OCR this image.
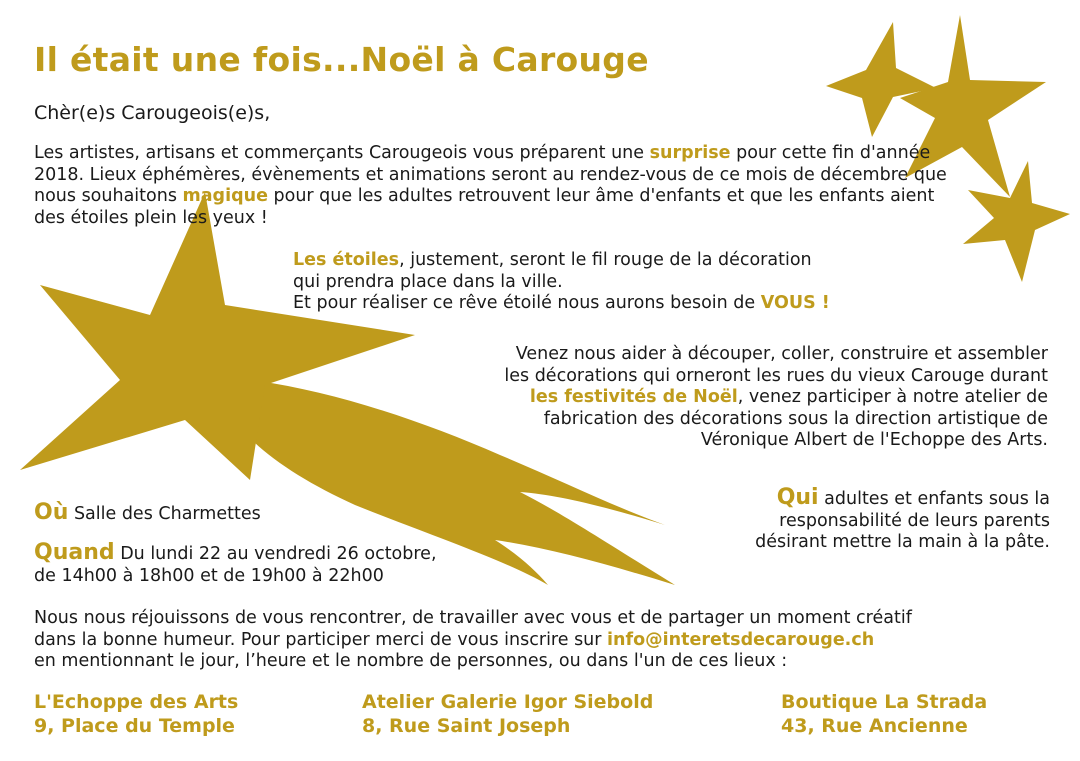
Il était une fois...Noël à Carouge
Chèr(e)s Carougeois(e)s,
Les artistes, artisans et commerçants Carougeois vous préparent une surprise pour cette fin d'année 2018. Lieux éphémères, évènements et animations seront au rendez-vous de ce mois de décembre que nous souhaitons magique pour que les adultes retrouvent leur âme d'enfants et que les enfants aient des étoiles plein les yeux !
Les étoiles, justement, seront le fil rouge de la décoration
qui prendra place dans la ville.
Et pour réaliser ce rêve étoilé nous aurons besoin de VOUS !
Venez nous aider à découper, coller, construire et assembler
les décorations qui orneront les rues du vieux Carouge durant
les festivités de Noël, venez participer à notre atelier de
fabrication des décorations sous la direction artistique de
Véronique Albert de l'Echoppe des Arts.
Qui adultes et enfants sous la
responsabilité de leurs parents
désirant mettre la main à la pâte.
Où Salle des Charmettes
Quand Du lundi 22 au vendredi 26 octobre,
de 14h00 à 18h00 et de 19h00 à 22h00
Nous nous réjouissons de vous rencontrer, de travailler avec vous et de partager un moment créatif
dans la bonne humeur. Pour participer merci de vous inscrire sur info@interetsdecarouge.ch
en mentionnant le jour, l’heure et le nombre de personnes, ou dans l'un de ces lieux :
L'Echoppe des Arts
9, Place du Temple
Atelier Galerie Igor Siebold
8, Rue Saint Joseph
Boutique La Strada
43, Rue Ancienne
